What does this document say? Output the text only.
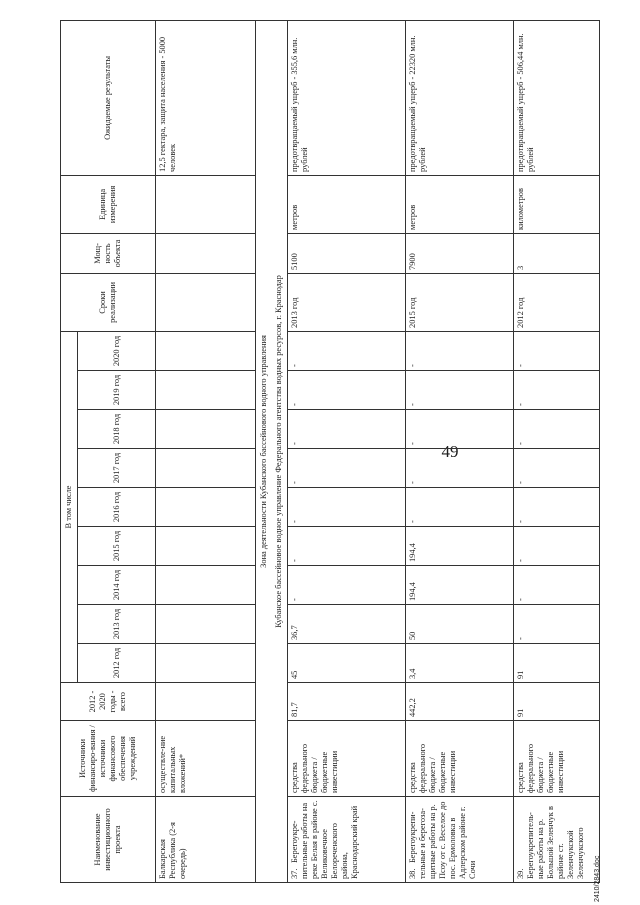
49
Наименование инвестиционного проекта	Источники финансиро-вания / источники финансового обеспечения учреждений	2012 - 2020 годы - всего	В том числе									Сроки реализации	Мощ-ность объекта	Единица измерения	Ожидаемые результаты
			2012 год	2013 год	2014 год	2015 год	2016 год	2017 год	2018 год	2019 год	2020 год				
Балкарская Республика (2-я очередь)	осуществле-ние капитальных вложений*														12,5 гектара, защита населения - 5000 человек

Зона деятельности Кубанского бассейнового водного управления Кубанское бассейновое водное управление Федерального агентства водных ресурсов, г. Краснодар															

37.Берегоукре-пительные работы на реке Белая в районе с. Великовечное Белореченского района, Краснодарский край	средства федерального бюджета / бюджетные инвестиции	81,7	45	36,7	-	-	-	-	-	-	-	2013 год	5100	метров	предотвращаемый ущерб - 355,6 млн. рублей
38.Берегоукрепи-тельные и берегоза-щитные работы на р. Псоу от с. Веселое до пос. Ермоловка в Адлерском районе г. Сочи	средства федерального бюджета / бюджетные инвестиции	442,2	3,4	50	194,4	194,4	-	-	-	-	-	2015 год	7900	метров	предотвращаемый ущерб - 22320 млн. рублей
39.Берегоукрепитель-ные работы на р. Большой Зеленчук в районе ст. Зеленчукской Зеленчукского	средства федерального бюджета / бюджетные инвестиции	91	91	-	-	-	-	-	-	-	-	2012 год	3	километров	предотвращаемый ущерб - 506,44 млн. рублей
2410/2843.doc
